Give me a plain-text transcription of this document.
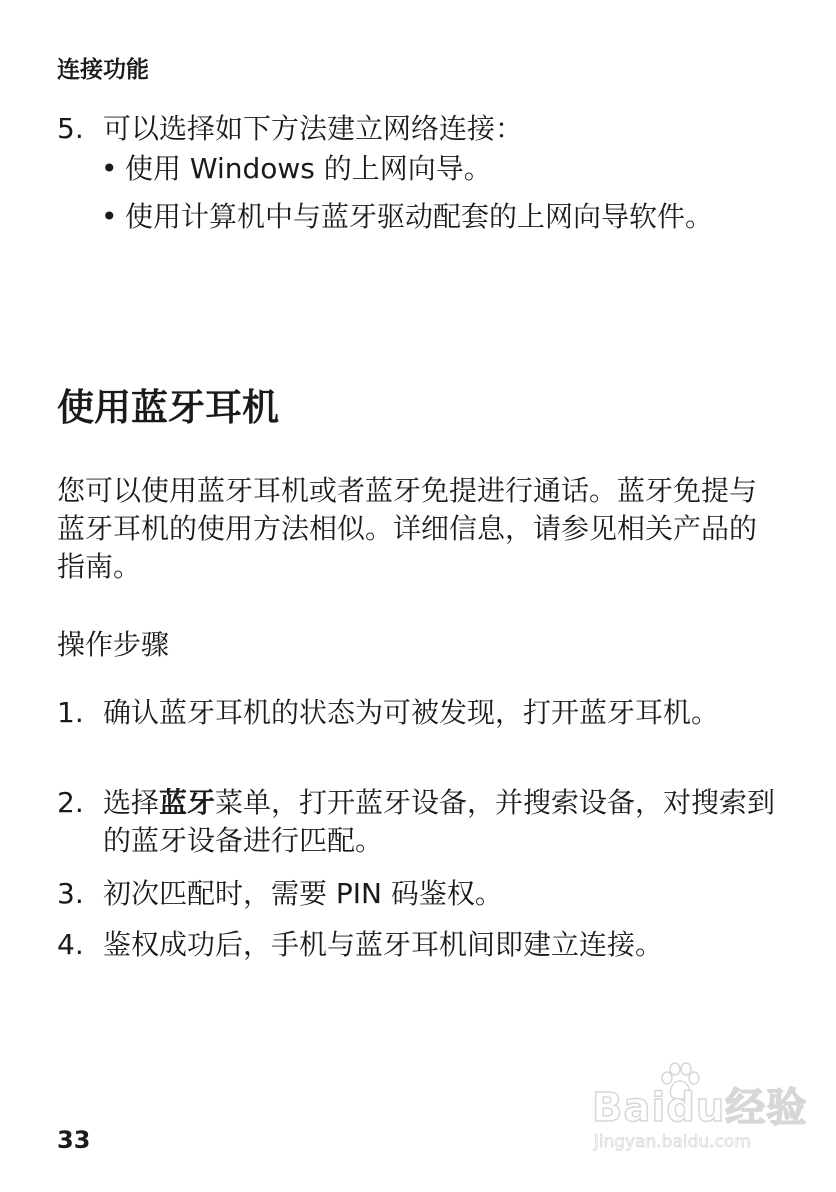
连接功能
5. 可以选择如下方法建立网络连接：
• 使用 Windows 的上网向导。
• 使用计算机中与蓝牙驱动配套的上网向导软件。
使用蓝牙耳机
您可以使用蓝牙耳机或者蓝牙免提进行通话。蓝牙免提与蓝牙耳机的使用方法相似。详细信息，请参见相关产品的指南。
操作步骤
1. 确认蓝牙耳机的状态为可被发现，打开蓝牙耳机。
2. 选择蓝牙菜单，打开蓝牙设备，并搜索设备，对搜索到的蓝牙设备进行匹配。
3. 初次匹配时，需要 PIN 码鉴权。
4. 鉴权成功后，手机与蓝牙耳机间即建立连接。
33
Baidu经验
jingyan.baidu.com
